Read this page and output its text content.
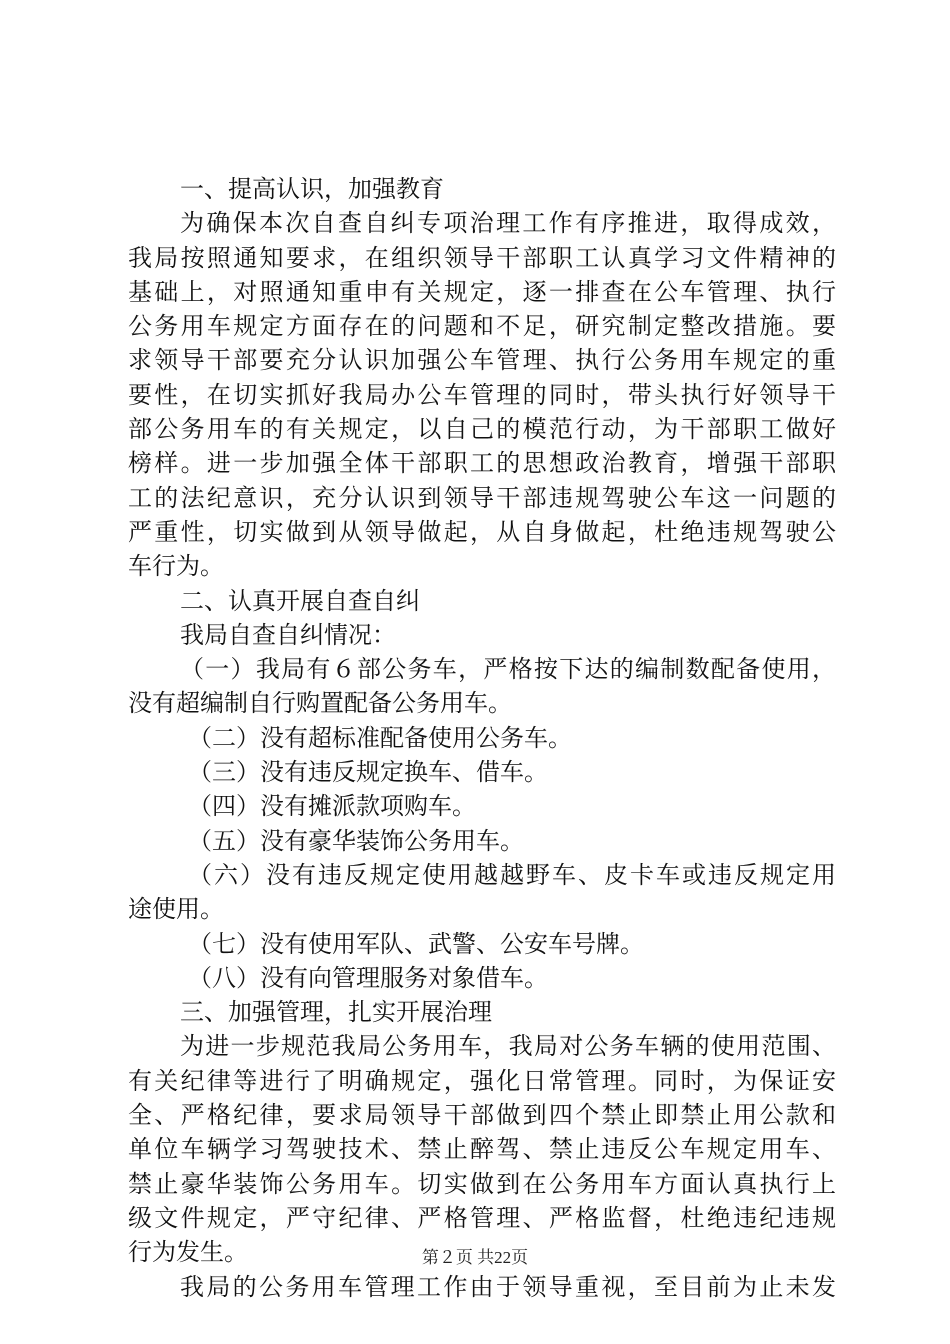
一、提高认识，加强教育
为确保本次自查自纠专项治理工作有序推进，取得成效，
我局按照通知要求，在组织领导干部职工认真学习文件精神的
基础上，对照通知重申有关规定，逐一排查在公车管理、执行
公务用车规定方面存在的问题和不足，研究制定整改措施。要
求领导干部要充分认识加强公车管理、执行公务用车规定的重
要性，在切实抓好我局办公车管理的同时，带头执行好领导干
部公务用车的有关规定，以自己的模范行动，为干部职工做好
榜样。进一步加强全体干部职工的思想政治教育，增强干部职
工的法纪意识，充分认识到领导干部违规驾驶公车这一问题的
严重性，切实做到从领导做起，从自身做起，杜绝违规驾驶公
车行为。
二、认真开展自查自纠
我局自查自纠情况：
（一）我局有６部公务车，严格按下达的编制数配备使用，
没有超编制自行购置配备公务用车。
（二）没有超标准配备使用公务车。
（三）没有违反规定换车、借车。
（四）没有摊派款项购车。
（五）没有豪华装饰公务用车。
（六）没有违反规定使用越越野车、皮卡车或违反规定用
途使用。
（七）没有使用军队、武警、公安车号牌。
（八）没有向管理服务对象借车。
三、加强管理，扎实开展治理
为进一步规范我局公务用车，我局对公务车辆的使用范围、
有关纪律等进行了明确规定，强化日常管理。同时，为保证安
全、严格纪律，要求局领导干部做到四个禁止即禁止用公款和
单位车辆学习驾驶技术、禁止醉驾、禁止违反公车规定用车、
禁止豪华装饰公务用车。切实做到在公务用车方面认真执行上
级文件规定，严守纪律、严格管理、严格监督，杜绝违纪违规
行为发生。
我局的公务用车管理工作由于领导重视，至目前为止未发
第２页 共22页
